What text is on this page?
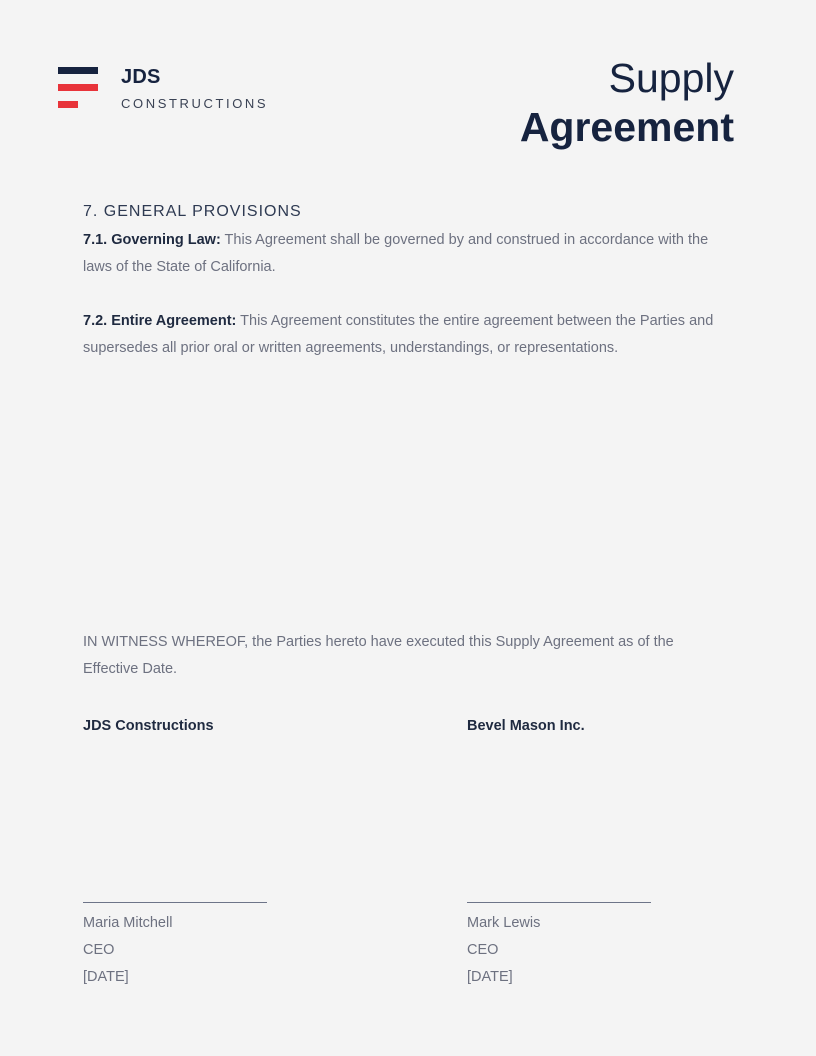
JDS
CONSTRUCTIONS
Supply
Agreement
7. GENERAL PROVISIONS

7.1. Governing Law: This Agreement shall be governed by and construed in accordance with the laws of the State of California.

7.2. Entire Agreement: This Agreement constitutes the entire agreement between the Parties and supersedes all prior oral or written agreements, understandings, or representations.

IN WITNESS WHEREOF, the Parties hereto have executed this Supply Agreement as of the Effective Date.
JDS Constructions
Maria Mitchell
CEO
[DATE]
Bevel Mason Inc.
Mark Lewis
CEO
[DATE]
